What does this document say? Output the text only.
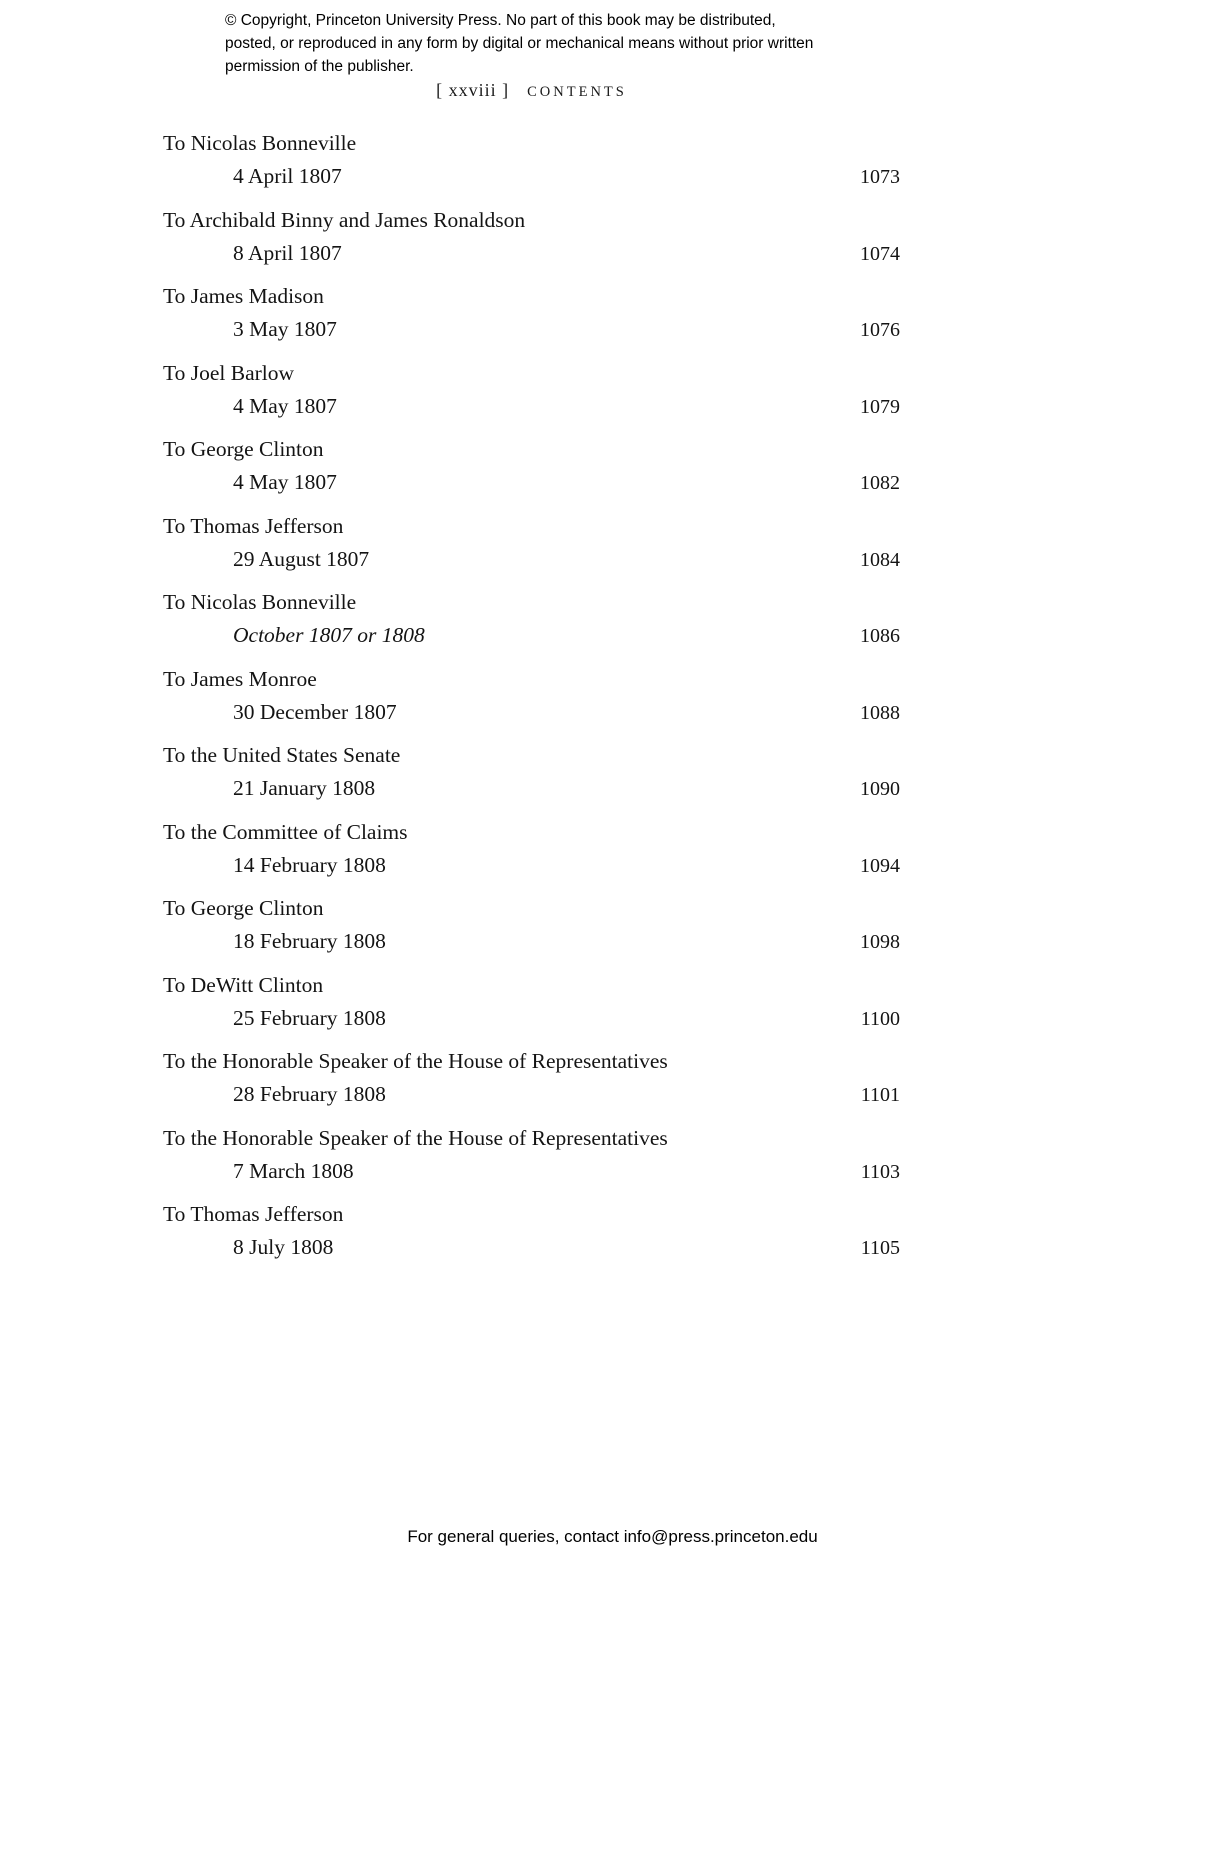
© Copyright, Princeton University Press. No part of this book may be distributed, posted, or reproduced in any form by digital or mechanical means without prior written permission of the publisher.
[ xxviii ] CONTENTS
To Nicolas Bonneville
4 April 1807	1073
To Archibald Binny and James Ronaldson
8 April 1807	1074
To James Madison
3 May 1807	1076
To Joel Barlow
4 May 1807	1079
To George Clinton
4 May 1807	1082
To Thomas Jefferson
29 August 1807	1084
To Nicolas Bonneville
October 1807 or 1808	1086
To James Monroe
30 December 1807	1088
To the United States Senate
21 January 1808	1090
To the Committee of Claims
14 February 1808	1094
To George Clinton
18 February 1808	1098
To DeWitt Clinton
25 February 1808	1100
To the Honorable Speaker of the House of Representatives
28 February 1808	1101
To the Honorable Speaker of the House of Representatives
7 March 1808	1103
To Thomas Jefferson
8 July 1808	1105
For general queries, contact info@press.princeton.edu
